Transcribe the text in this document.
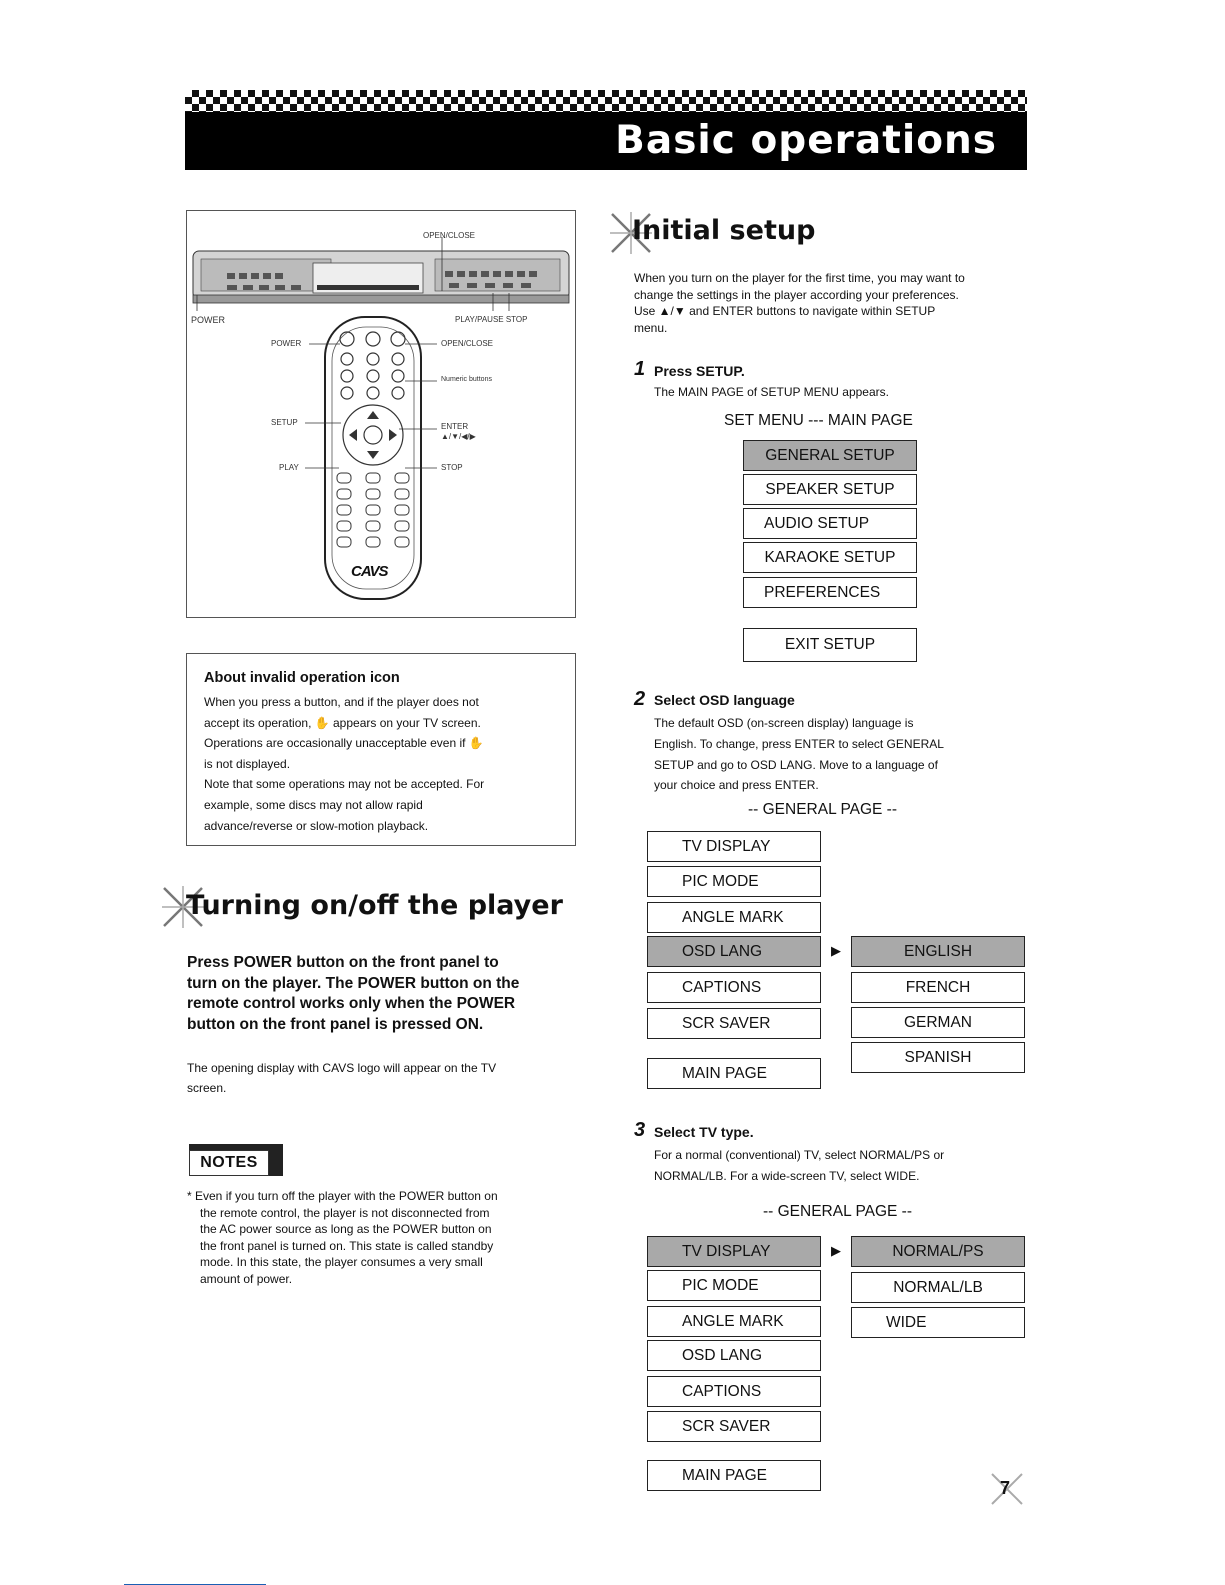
Basic operations
OPEN/CLOSE
POWER	PLAY/PAUSE STOP
POWER	OPEN/CLOSE
Numeric buttons
SETUP	ENTER
▲/▼/◀/▶
PLAY	STOP
CAVS
About invalid operation icon
When you press a button, and if the player does not
accept its operation, ✋ appears on your TV screen.
Operations are occasionally unacceptable even if ✋
is not displayed.
Note that some operations may not be accepted. For
example, some discs may not allow rapid
advance/reverse or slow-motion playback.
Turning on/off the player
Press POWER button on the front panel to
turn on the player. The POWER button on the
remote control works only when the POWER
button on the front panel is pressed ON.
The opening display with CAVS logo will appear on the TV
screen.
NOTES
* Even if you turn off the player with the POWER button on
the remote control, the player is not disconnected from
the AC power source as long as the POWER button on
the front panel is turned on. This state is called standby
mode. In this state, the player consumes a very small
amount of power.
Initial setup
When you turn on the player for the first time, you may want to
change the settings in the player according your preferences.
Use ▲/▼ and ENTER buttons to navigate within SETUP
menu.
1 Press SETUP.
The MAIN PAGE of SETUP MENU appears.
SET MENU --- MAIN PAGE
GENERAL SETUP
SPEAKER SETUP
AUDIO SETUP
KARAOKE SETUP
PREFERENCES
EXIT SETUP
2 Select OSD language
The default OSD (on-screen display) language is
English. To change, press ENTER to select GENERAL
SETUP and go to OSD LANG. Move to a language of
your choice and press ENTER.
-- GENERAL PAGE --
TV DISPLAY
PIC MODE
ANGLE MARK
OSD LANG
CAPTIONS
SCR SAVER
MAIN PAGE
▶	ENGLISH
FRENCH
GERMAN
SPANISH
3 Select TV type.
For a normal (conventional) TV, select NORMAL/PS or
NORMAL/LB. For a wide-screen TV, select WIDE.
-- GENERAL PAGE --
TV DISPLAY
PIC MODE
ANGLE MARK
OSD LANG
CAPTIONS
SCR SAVER
MAIN PAGE
▶	NORMAL/PS
NORMAL/LB
WIDE
7
